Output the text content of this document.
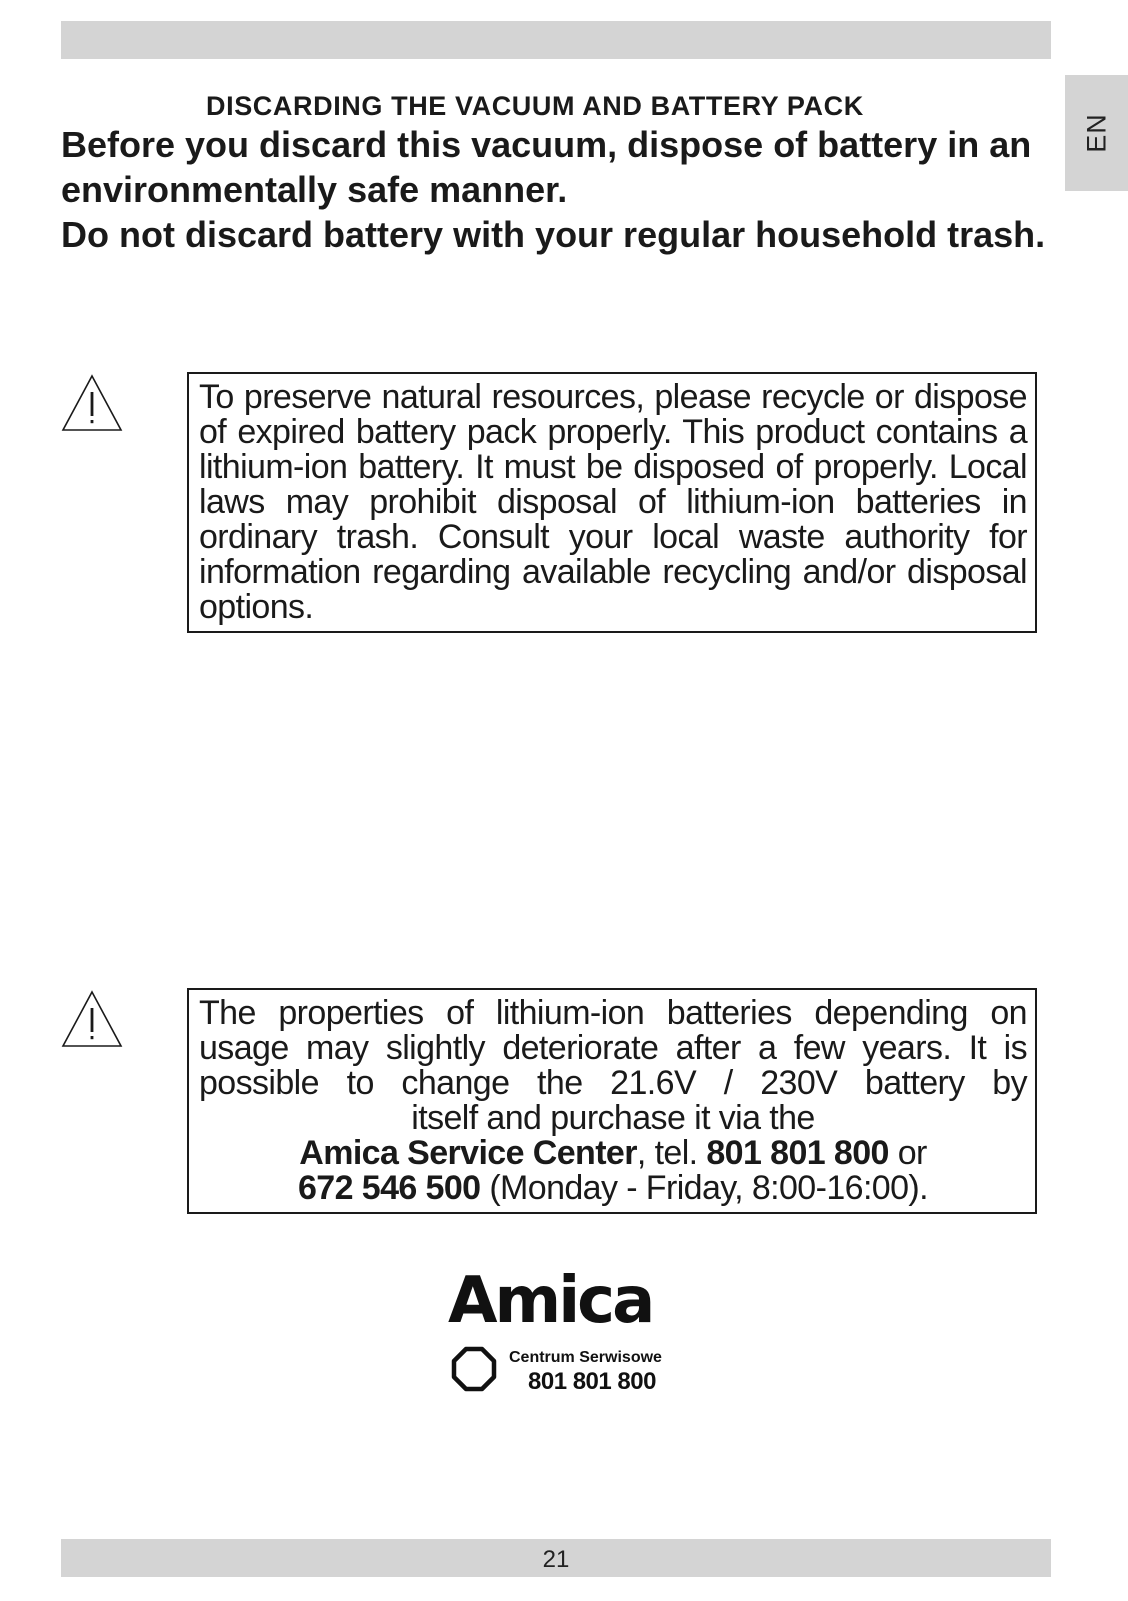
EN
DISCARDING THE VACUUM AND BATTERY PACK

Before you discard this vacuum, dispose of battery in an environmentally safe manner.

Do not discard battery with your regular household trash.

To preserve natural resources, please recycle or dispose of expired battery pack properly. This product contains a lithium-ion battery. It must be disposed of properly. Local laws may prohibit disposal of lithium-ion batteries in ordinary trash. Consult your local waste authority for information regarding available recycling and/or disposal options.
The properties of lithium-ion batteries depending on usage may slightly deteriorate after a few years. It is possible to change the 21.6V / 230V battery by
itself and purchase it via the
Amica Service Center, tel. 801 801 800 or
672 546 500 (Monday - Friday, 8:00-16:00).
Amica
Centrum Serwisowe
801 801 800
21
